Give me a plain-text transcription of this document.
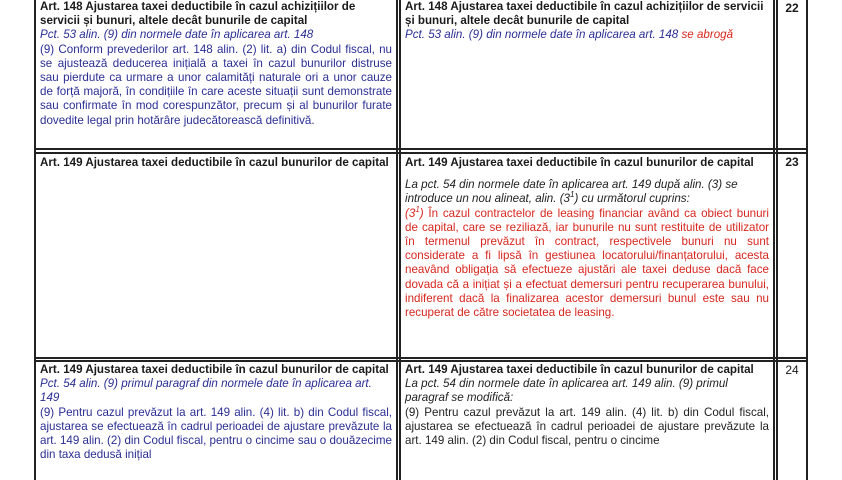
Art. 148 Ajustarea taxei deductibile în cazul achizițiilor de servicii și bunuri, altele decât bunurile de capital
Pct. 53 alin. (9) din normele date în aplicarea art. 148
(9) Conform prevederilor art. 148 alin. (2) lit. a) din Codul fiscal, nu se ajustează deducerea inițială a taxei în cazul bunurilor distruse sau pierdute ca urmare a unor calamități naturale ori a unor cauze de forță majoră, în condițiile în care aceste situații sunt demonstrate sau confirmate în mod corespunzător, precum și al bunurilor furate dovedite legal prin hotărâre judecătorească definitivă.
Art. 148 Ajustarea taxei deductibile în cazul achizițiilor de servicii și bunuri, altele decât bunurile de capital
Pct. 53 alin. (9) din normele date în aplicarea art. 148 se abrogă
22
Art. 149 Ajustarea taxei deductibile în cazul bunurilor de capital Art. 149 Ajustarea taxei deductibile în cazul bunurilor de capital
La pct. 54 din normele date în aplicarea art. 149 după alin. (3) se introduce un nou alineat, alin. $(3^1)$ cu următorul cuprins:
$(3^1)$ În cazul contractelor de leasing financiar având ca obiect bunuri de capital, care se reziliază, iar bunurile nu sunt restituite de utilizator în termenul prevăzut în contract, respectivele bunuri nu sunt considerate a fi lipsă în gestiunea locatorului/finanțatorului, acesta neavând obligația să efectueze ajustări ale taxei deduse dacă face dovada că a inițiat și a efectuat demersuri pentru recuperarea bunului, indiferent dacă la finalizarea acestor demersuri bunul este sau nu recuperat de către societatea de leasing.
23
Art. 149 Ajustarea taxei deductibile în cazul bunurilor de capital
Pct. 54 alin. (9) primul paragraf din normele date în aplicarea art. 149
(9) Pentru cazul prevăzut la art. 149 alin. (4) lit. b) din Codul fiscal, ajustarea se efectuează în cadrul perioadei de ajustare prevăzute la art. 149 alin. (2) din Codul fiscal, pentru o cincime sau o douăzecime din taxa dedusă inițial
Art. 149 Ajustarea taxei deductibile în cazul bunurilor de capital
La pct. 54 din normele date în aplicarea art. 149 alin. (9) primul paragraf se modifică:
(9) Pentru cazul prevăzut la art. 149 alin. (4) lit. b) din Codul fiscal, ajustarea se efectuează în cadrul perioadei de ajustare prevăzute la art. 149 alin. (2) din Codul fiscal, pentru o cincime
24
